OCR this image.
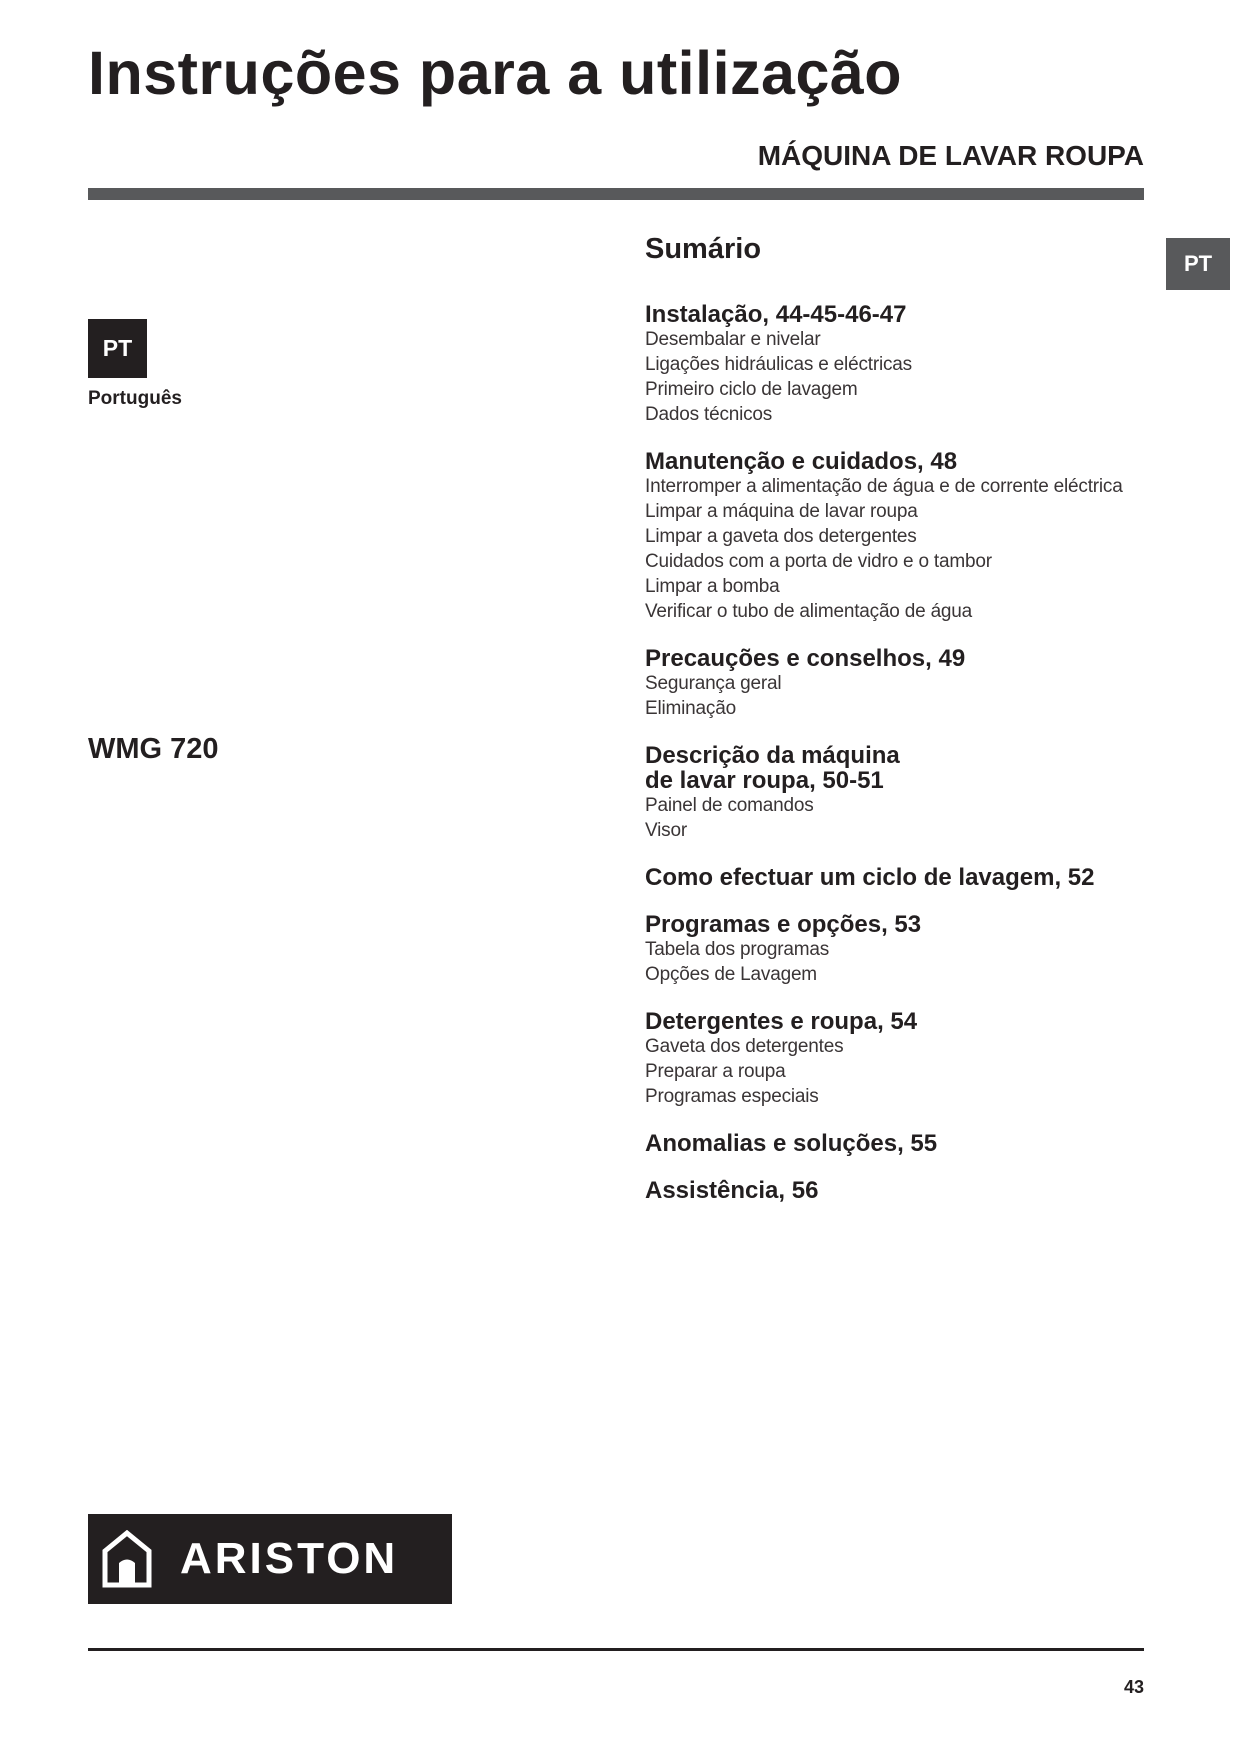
Instruções para a utilização
MÁQUINA DE LAVAR ROUPA
PT
PT
Português
WMG 720
Sumário
Instalação, 44-45-46-47
Desembalar e nivelar
Ligações hidráulicas e eléctricas
Primeiro ciclo de lavagem
Dados técnicos
Manutenção e cuidados, 48
Interromper a alimentação de água e de corrente eléctrica
Limpar a máquina de lavar roupa
Limpar a gaveta dos detergentes
Cuidados com a porta de vidro e o tambor
Limpar a bomba
Verificar o tubo de alimentação de água
Precauções e conselhos, 49
Segurança geral
Eliminação
Descrição da máquina
de lavar roupa, 50-51
Painel de comandos
Visor
Como efectuar um ciclo de lavagem, 52
Programas e opções, 53
Tabela dos programas
Opções de Lavagem
Detergentes e roupa, 54
Gaveta dos detergentes
Preparar a roupa
Programas especiais
Anomalias e soluções, 55
Assistência, 56
ARISTON
43
